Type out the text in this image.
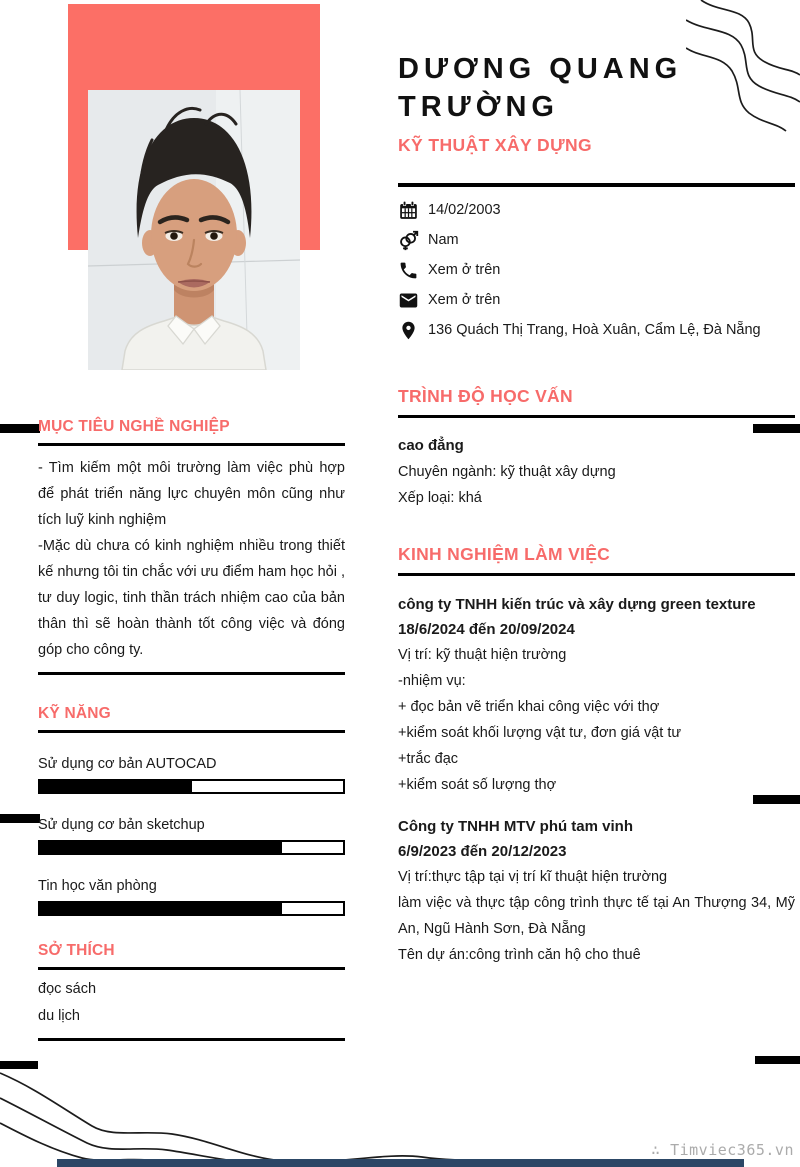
MỤC TIÊU NGHỀ NGHIỆP

- Tìm kiếm một môi trường làm việc phù hợp để phát triển năng lực chuyên môn cũng như tích luỹ kinh nghiệm

-Mặc dù chưa có kinh nghiệm nhiều trong thiết kế nhưng tôi tin chắc với ưu điểm ham học hỏi , tư duy logic, tinh thần trách nhiệm cao của bản thân thì sẽ hoàn thành tốt công việc và đóng góp cho công ty.

KỸ NĂNG
Sử dụng cơ bản AUTOCAD
Sử dụng cơ bản sketchup
Tin học văn phòng
SỞ THÍCH
đọc sách
du lịch
DƯƠNG QUANG TRƯỜNG
KỸ THUẬT XÂY DỰNG
14/02/2003
Nam
Xem ở trên
Xem ở trên
136 Quách Thị Trang, Hoà Xuân, Cẩm Lệ, Đà Nẵng
TRÌNH ĐỘ HỌC VẤN
cao đẳng
Chuyên ngành: kỹ thuật xây dựng
Xếp loại: khá
KINH NGHIỆM LÀM VIỆC
công ty TNHH kiến trúc và xây dựng green texture
18/6/2024 đến 20/09/2024
Vị trí: kỹ thuật hiện trường
-nhiệm vụ:
+ đọc bản vẽ triển khai công việc với thợ
+kiểm soát khối lượng vật tư, đơn giá vật tư
+trắc đạc
+kiểm soát số lượng thợ
Công ty TNHH MTV phú tam vinh
6/9/2023 đến 20/12/2023
Vị trí:thực tập tại vị trí kĩ thuật hiện trường
làm việc và thực tập công trình thực tế tại An Thượng 34, Mỹ An, Ngũ Hành Sơn, Đà Nẵng
Tên dự án:công trình căn hộ cho thuê
∴ Timviec365.vn
